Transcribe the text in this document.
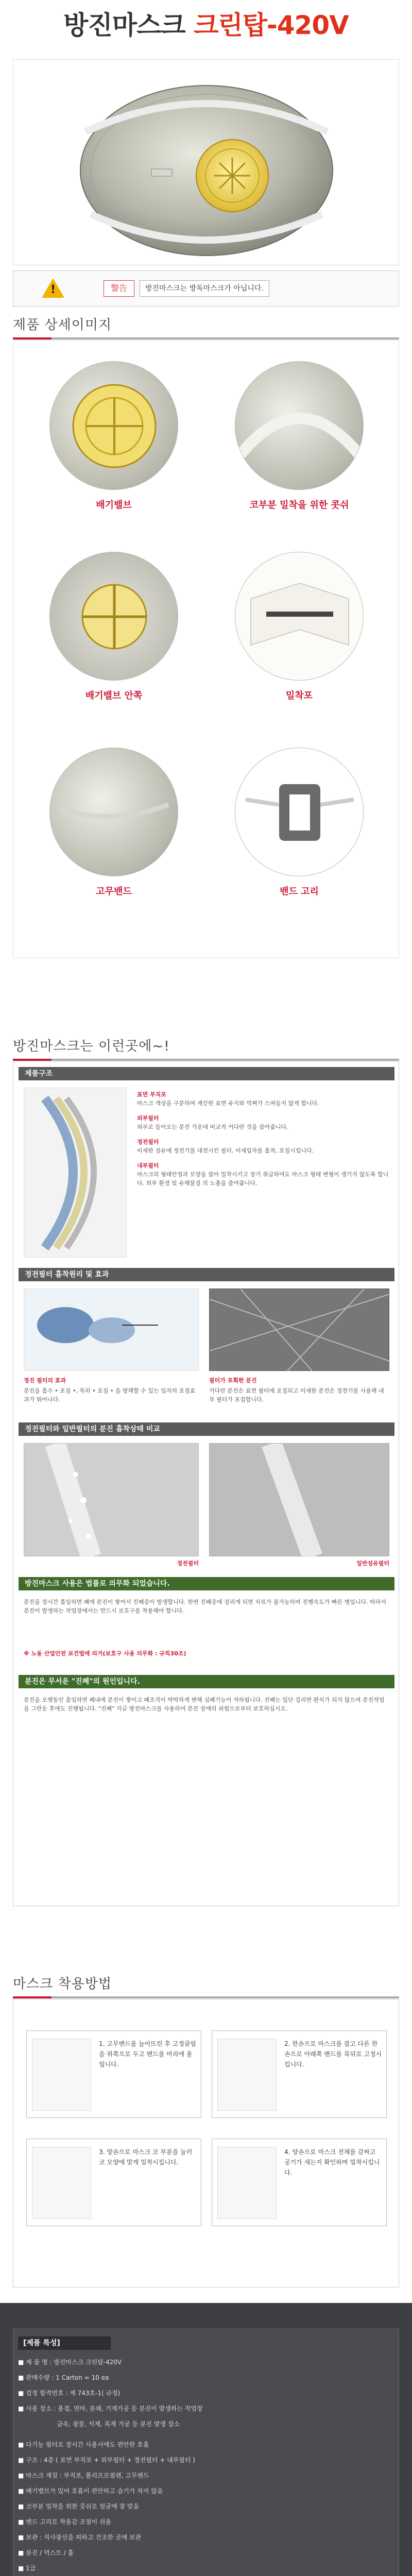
방진마스크 크린탑-420V
!	警告	방진마스크는 방독마스크가 아닙니다.
제품 상세이미지
배기밸브	코부분 밀착을 위한 콧쉬
배기밸브 안쪽	밀착포
고무밴드	밴드 고리
방진마스크는 이런곳에~!
제품구조
표면 부직포
마스크 색상을 구분하며 깨끗한 표면 유지와 먹쪄가 스며들지 않게 합니다.
외부필터
외부로 들어오는 분진 가운데 비교적 커다란 것을 잡아줍니다.
정전필터
미세한 섬유에 정전기를 대전시킨 필터. 미세입자를 흡착, 포집시킵니다.
내부필터
마스크의 형태안정과 모양을 잡아 밀착시키고 장기 취급하여도 마스크 형태 변형이 생기지 않도록 합니다. 외부 환경 및 유해물질 의 노출을 줄여줍니다.
정전필터 흡착원리 및 효과
정진 필터의 효과
분진을 흡수 • 포집 •, 특히 • 포집 • 을 방해할 수 있는 입자의 포집효과가 뛰어나다.
필터가 포획한 분진
커다란 분진은 표면 필터에 포집되고 미세한 분진은 정전기를 사용해 내부 필터가 포집합니다.
정전필터와 일반필터의 분진 흡착상태 비교
정전필터	일반섬유필터
방진마스크 사용은 법률로 의무화 되었습니다.
분진을 장시간 흡입하면 폐에 분진이 쌓여서 진폐증이 발생합니다. 한번 진폐증에 걸리게 되면 치료가 불가능하며 진행속도가 빠른 병입니다. 따라서 분진이 발생하는 작업장에서는 반드시 보호구를 착용해야 합니다.
※ 노동 산업안전 보건법에 의거(보호구 사용 의무화 : 규칙30조)
분진은 무서운 "진폐"의 원인입니다.
분진을 오랫동안 흡입하면 폐내에 분진이 쌓이고 폐조직이 딱딱하게 변해 심폐기능이 저하됩니다. 진폐는 일단 걸리면 완치가 되지 않으며 분진작업을 그만둔 후에도 진행됩니다. "진폐" 지금 방진마스크를 사용하여 분진 장애의 위험으로부터 보호하십시오.
마스크 착용방법
1. 고무밴드를 늘어뜨린 후 고정클립을 위쪽으로 두고 밴드를 머리에 올립니다.
2. 한손으로 마스크를 잡고 다른 한손으로 아래쪽 밴드를 목뒤로 고정시킵니다.
3. 양손으로 마스크 코 부분을 눌러 코 모양에 맞게 밀착시킵니다.
4. 양손으로 마스크 전체를 감싸고 공기가 새는지 확인하며 밀착시킵니다.
[제품 특성]
■ 제 품 명 : 방진마스크 크린탑-420V
■ 판매수량 : 1 Carton = 10 ea
■ 검정 합격번호 : 제 743호-1( 규정)
■ 사용 장소 : 용접, 연마, 분쇄, 기계가공 등 분진이 발생하는 작업장
금속, 광물, 석재, 목재 가공 등 분진 발생 장소
■ 다기능 필터로 장시간 사용시에도 편안한 호흡
■ 구조 : 4층 ( 표면 부직포 + 외부필터 + 정전필터 + 내부필터 )
■ 마스크 재질 : 부직포, 폴리프로필렌, 고무밴드
■ 배기밸브가 있어 호흡이 편안하고 습기가 차지 않음
■ 코부분 밀착을 위한 콧쉬로 얼굴에 잘 맞음
■ 밴드 고리로 착용감 조절이 쉬움
■ 보관 : 직사광선을 피하고 건조한 곳에 보관
■ 분진 / 먹스트 / 흄
■ 1급
